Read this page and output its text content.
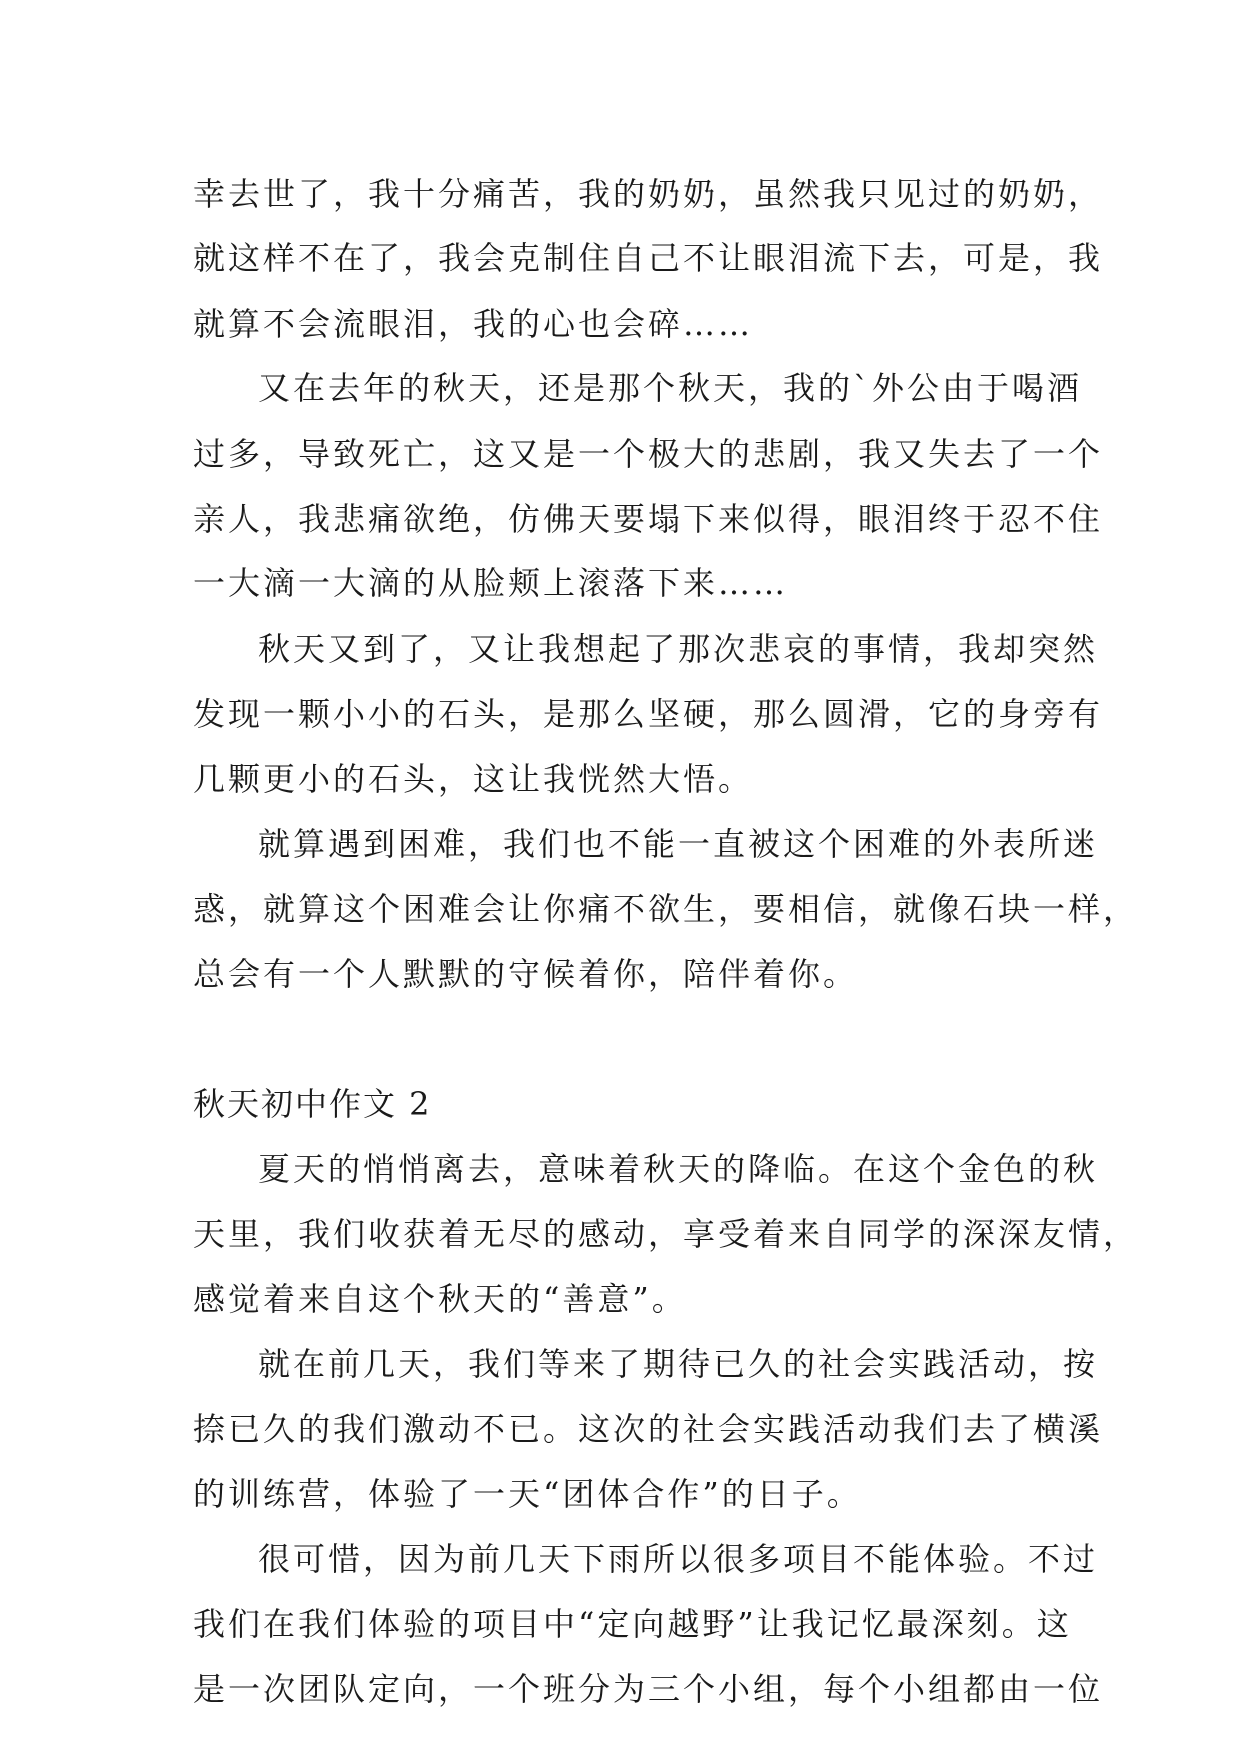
幸去世了，我十分痛苦，我的奶奶，虽然我只见过的奶奶，
就这样不在了，我会克制住自己不让眼泪流下去，可是，我
就算不会流眼泪，我的心也会碎……
又在去年的秋天，还是那个秋天，我的`外公由于喝酒
过多，导致死亡，这又是一个极大的悲剧，我又失去了一个
亲人，我悲痛欲绝，仿佛天要塌下来似得，眼泪终于忍不住
一大滴一大滴的从脸颊上滚落下来……
秋天又到了，又让我想起了那次悲哀的事情，我却突然
发现一颗小小的石头，是那么坚硬，那么圆滑，它的身旁有
几颗更小的石头，这让我恍然大悟。
就算遇到困难，我们也不能一直被这个困难的外表所迷
惑，就算这个困难会让你痛不欲生，要相信，就像石块一样，
总会有一个人默默的守候着你，陪伴着你。
秋天初中作文 2
夏天的悄悄离去，意味着秋天的降临。在这个金色的秋
天里，我们收获着无尽的感动，享受着来自同学的深深友情，
感觉着来自这个秋天的“善意”。
就在前几天，我们等来了期待已久的社会实践活动，按
捺已久的我们激动不已。这次的社会实践活动我们去了横溪
的训练营，体验了一天“团体合作”的日子。
很可惜，因为前几天下雨所以很多项目不能体验。不过
我们在我们体验的项目中“定向越野”让我记忆最深刻。这
是一次团队定向，一个班分为三个小组，每个小组都由一位
